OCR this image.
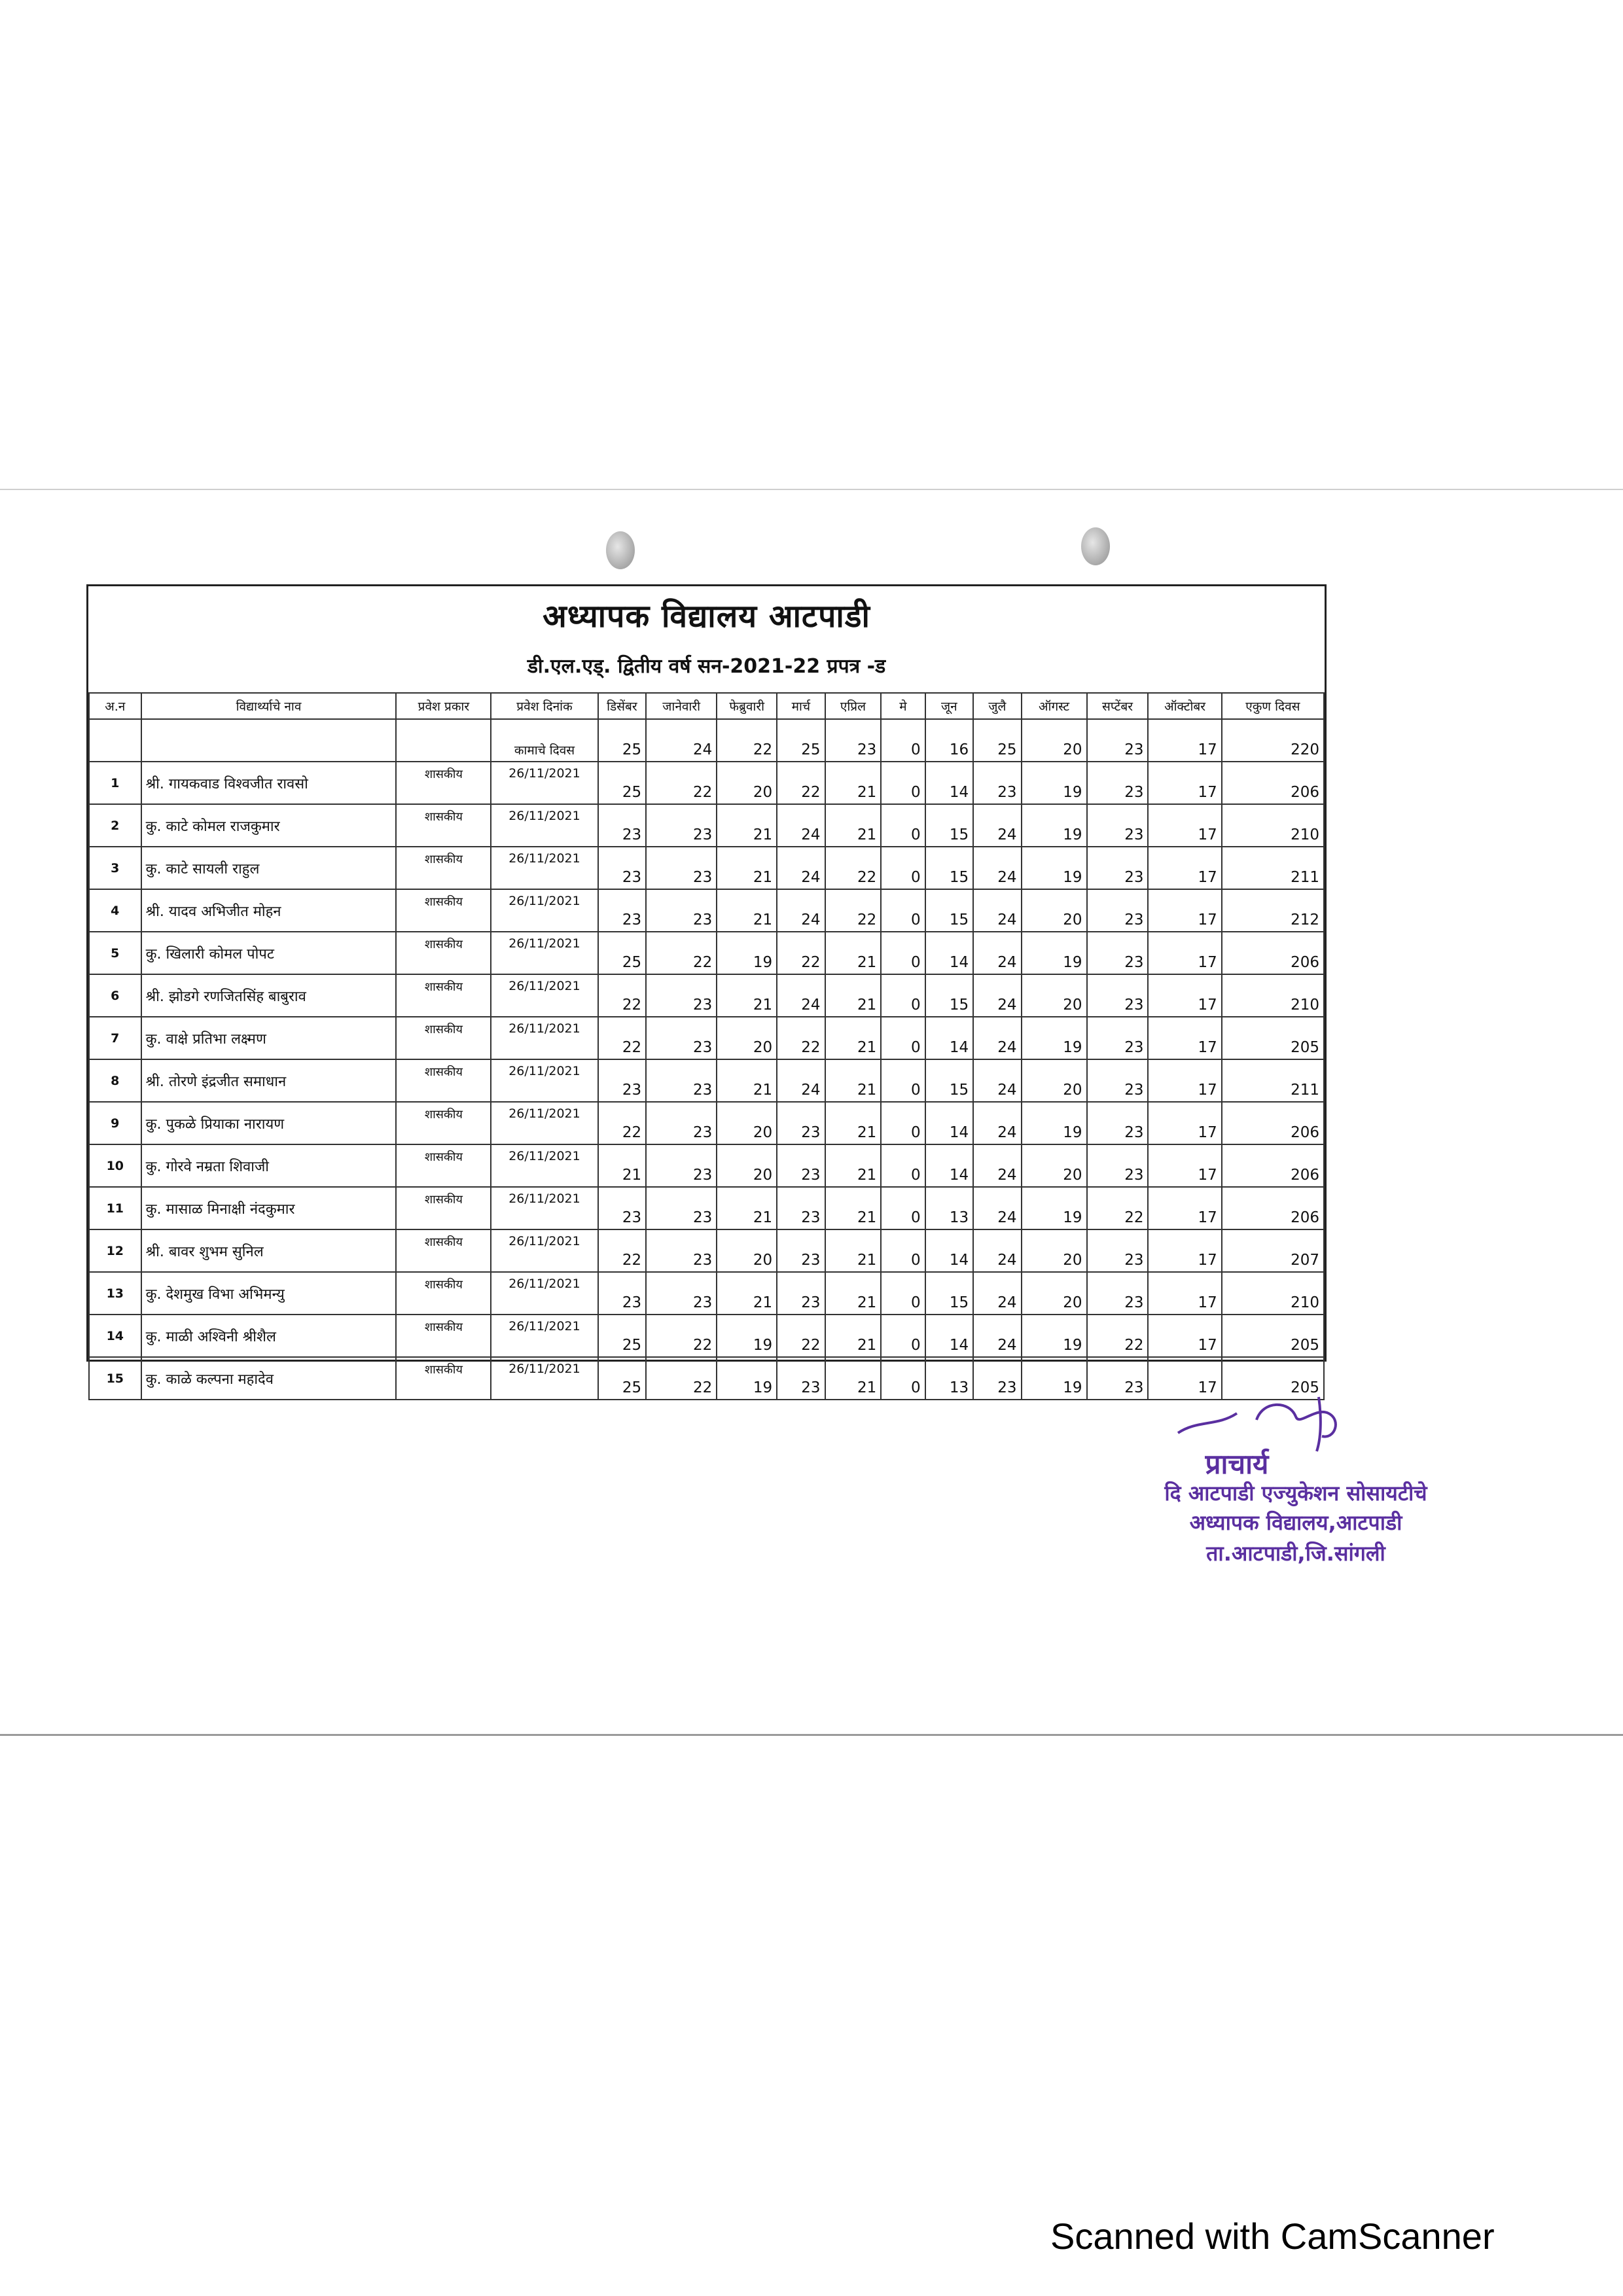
अध्यापक विद्यालय आटपाडी
डी.एल.एड्. द्वितीय वर्ष सन-2021-22 प्रपत्र -ड
अ.न	विद्यार्थ्याचे नाव	प्रवेश प्रकार	प्रवेश दिनांक	डिसेंबर	जानेवारी	फेब्रुवारी	मार्च	एप्रिल	मे	जून	जुलै	ऑगस्ट	सप्टेंबर	ऑक्टोबर	एकुण दिवस
			कामाचे दिवस	25	24	22	25	23	0	16	25	20	23	17	220
1	श्री. गायकवाड विश्वजीत रावसो	शासकीय	26/11/2021	25	22	20	22	21	0	14	23	19	23	17	206
2	कु. काटे कोमल राजकुमार	शासकीय	26/11/2021	23	23	21	24	21	0	15	24	19	23	17	210
3	कु. काटे सायली राहुल	शासकीय	26/11/2021	23	23	21	24	22	0	15	24	19	23	17	211
4	श्री. यादव अभिजीत मोहन	शासकीय	26/11/2021	23	23	21	24	22	0	15	24	20	23	17	212
5	कु. खिलारी कोमल पोपट	शासकीय	26/11/2021	25	22	19	22	21	0	14	24	19	23	17	206
6	श्री. झोडगे रणजितसिंह बाबुराव	शासकीय	26/11/2021	22	23	21	24	21	0	15	24	20	23	17	210
7	कु. वाक्षे प्रतिभा लक्ष्मण	शासकीय	26/11/2021	22	23	20	22	21	0	14	24	19	23	17	205
8	श्री. तोरणे इंद्रजीत समाधान	शासकीय	26/11/2021	23	23	21	24	21	0	15	24	20	23	17	211
9	कु. पुकळे प्रियाका नारायण	शासकीय	26/11/2021	22	23	20	23	21	0	14	24	19	23	17	206
10	कु. गोरवे नम्रता शिवाजी	शासकीय	26/11/2021	21	23	20	23	21	0	14	24	20	23	17	206
11	कु. मासाळ मिनाक्षी नंदकुमार	शासकीय	26/11/2021	23	23	21	23	21	0	13	24	19	22	17	206
12	श्री. बावर शुभम सुनिल	शासकीय	26/11/2021	22	23	20	23	21	0	14	24	20	23	17	207
13	कु. देशमुख विभा अभिमन्यु	शासकीय	26/11/2021	23	23	21	23	21	0	15	24	20	23	17	210
14	कु. माळी अश्विनी श्रीशैल	शासकीय	26/11/2021	25	22	19	22	21	0	14	24	19	22	17	205
15	कु. काळे कल्पना महादेव	शासकीय	26/11/2021	25	22	19	23	21	0	13	23	19	23	17	205
प्राचार्य
दि आटपाडी एज्युकेशन सोसायटीचे
अध्यापक विद्यालय,आटपाडी
ता.आटपाडी,जि.सांगली
Scanned with CamScanner
